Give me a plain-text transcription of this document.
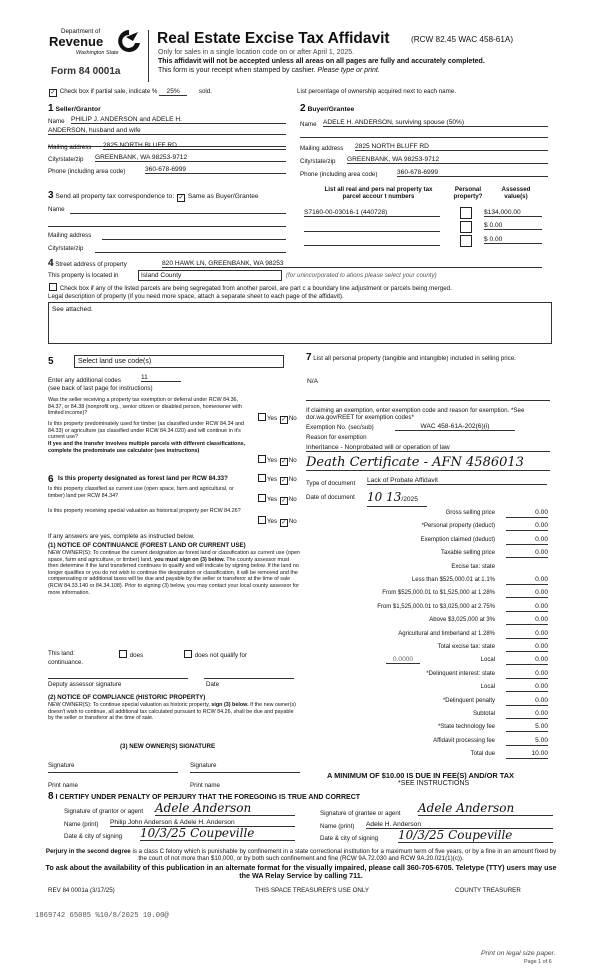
Department of
Revenue
Washington State
Form 84 0001a
Real Estate Excise Tax Affidavit	(RCW 82.45 WAC 458-61A)
Only for sales in a single location code on or after April 1, 2025.
This affidavit will not be accepted unless all areas on all pages are fully and accurately completed.
This form is your receipt when stamped by cashier. Please type or print.
✓ Check box if partial sale, indicate % 25%	sold.	List percentage of ownership acquired next to each name.
1 Seller/Grantor
Name PHILIP J. ANDERSON and ADELE H.
ANDERSON, husband and wife
Mailing address 2825 NORTH BLUFF RD
City/state/zip GREENBANK, WA 98253-9712
Phone (including area code)	360-678-6999
2 Buyer/Grantee
Name ADELE H. ANDERSON, surviving spouse (50%)
Mailing address 2825 NORTH BLUFF RD
City/state/zip GREENBANK, WA 98253-9712
Phone (including area code)	360-678-6999
3 Send all property tax correspondence to: ✓ Same as Buyer/Grantee
Name
Mailing address
City/state/zip
List all real and pers nal property tax
parcel accour t numbers
Personal
property?
Assessed
value(s)
S7160-00-03016-1 (440728)	$134,000.00
$ 0.00
$ 0.00
4 Street address of property	820 HAWK LN, GREENBANK, WA 98253
This property is located in	Island County	(for unincorporated lo ations please select your county)
Check box if any of the listed parcels are being segregated from another parcel, are part c a boundary line adjustment or parcels being merged.
Legal description of property (if you need more space, attach a separate sheet to each page of the affidavit).
See attached.
5	Select land use code(s)
Enter any additional codes	11
(see back of last page for instructions)
Was the seller receiving a property tax exemption or deferral under RCW 84.36, 84.37, or 84.38 (nonprofit org., senior citizen or disabled person, homeowner with limited income)?
Yes ✓ No
Is this property predominately used for timber (as classified under RCW 84.34 and 84.33) or agriculture (as classified under RCW 84.34.020) and will continue in it's current use?
If yes and the transfer involves multiple parcels with different classifications, complete the predominate use calculator (see instructions)
Yes ✓ No
6 Is this property designated as forest land per RCW 84.33?	Yes ✓ No
Is this property classified as current use (open space, farm and agricultural, or timber) land per RCW 84.34?
Yes ✓ No
Is this property receiving special valuation as historical property per RCW 84.26?
Yes ✓ No
If any answers are yes, complete as instructed below.
(1) NOTICE OF CONTINUANCE (FOREST LAND OR CURRENT USE)
NEW OWNER(S): To continue the current designation as forest land or classification as current use (open space, farm and agriculture, or timber) land, you must sign on (3) below. The county assessor must then determine if the land transferred continues to qualify and will indicate by signing below. If the land no longer qualifies or you do not wish to continue the designation or classification, it will be removed and the compensating or additional taxes will be due and payable by the seller or transferor at the time of sale (RCW 84.33.140 or 84.34.108). Prior to signing (3) below, you may contact your local county assessor for more information.
This land:
continuance.
does	does not qualify for
Deputy assessor signature	Date
(2) NOTICE OF COMPLIANCE (HISTORIC PROPERTY)
NEW OWNER(S): To continue special valuation as historic property, sign (3) below. If the new owner(s) doesn't wish to continue, all additional tax calculated pursuant to RCW 84.26, shall be due and payable by the seller or transferor at the time of sale.
(3) NEW OWNER(S) SIGNATURE
Signature	Signature
Print name	Print name
7 List all personal property (tangible and intangible) included in selling price.
N/A
If claiming an exemption, enter exemption code and reason for exemption. *See dor.wa.gov/REET for exemption codes*
Exemption No. (sec/sub)	WAC 458-61A-202(6)(i)
Reason for exemption
Inheritance - Nonprobated will or operation of law
Death Certificate - AFN 4586013
Type of document Lack of Probate Affidavit
Date of document 10 13/2025
Gross selling price	0.00
*Personal property (deduct)	0.00
Exemption claimed (deduct)	0.00
Taxable selling price	0.00
Excise tax: state
Less than $525,000.01 at 1.1%	0.00
From $525,000.01 to $1,525,000 at 1.28%	0.00
From $1,525,000.01 to $3,025,000 at 2.75%	0.00
Above $3,025,000 at 3%	0.00
Agricultural and timberland at 1.28%	0.00
Total excise tax: state	0.00
Local	0.00
0.0000
*Delinquent interest: state	0.00
Local	0.00
*Delinquent penalty	0.00
Subtotal	0.00
*State technology fee	5.00
Affidavit processing fee	5.00
Total due	10.00
A MINIMUM OF $10.00 IS DUE IN FEE(S) AND/OR TAX
*SEE INSTRUCTIONS
8 I CERTIFY UNDER PENALTY OF PERJURY THAT THE FOREGOING IS TRUE AND CORRECT
Signature of grantor or agent Adele Anderson
Name (print) Philip John Anderson & Adele H. Anderson
Date & city of signing 10/3/25 Coupeville
Signature of grantee or agent Adele Anderson
Name (print) Adele H. Anderson
Date & city of signing 10/3/25 Coupeville
Perjury in the second degree is a class C felony which is punishable by confinement in a state correctional institution for a maximum term of five years, or by a fine in an amount fixed by the court of not more than $10,000, or by both such confinement and fine (RCW 9A.72.030 and RCW 9A.20.021(1)(c)).
To ask about the availability of this publication in an alternate format for the visually impaired, please call 360-705-6705. Teletype (TTY) users may use the WA Relay Service by calling 711.
REV 84 0001a (3/17/25)	THIS SPACE TREASURER'S USE ONLY	COUNTY TREASURER
1869742 65085 %10/8/2025 10.00@
Print on legal size paper.
Page 1 of 6
